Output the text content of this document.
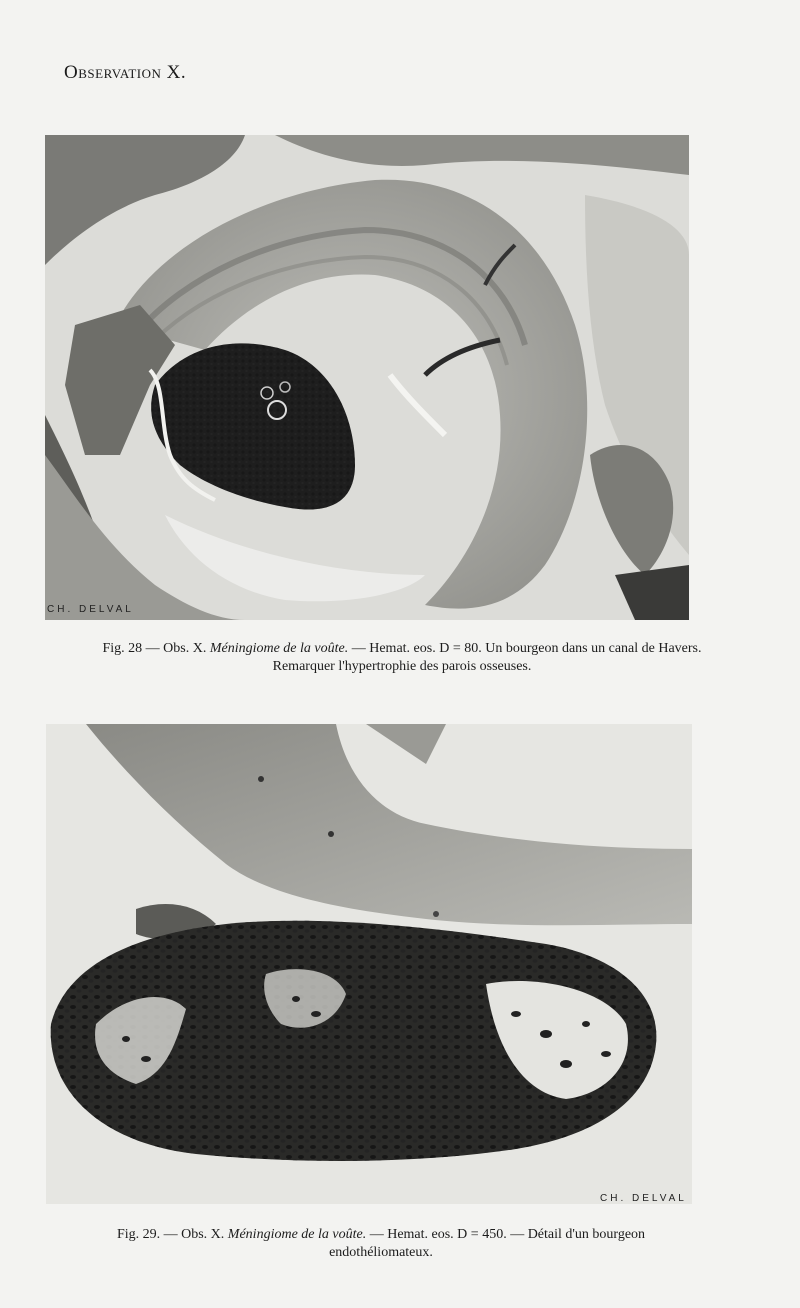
Observation X.
CH. DELVAL
Fig. 28 — Obs. X. Méningiome de la voûte. — Hemat. eos. D = 80. Un bourgeon dans un canal de Havers.
Remarquer l'hypertrophie des parois osseuses.
CH. DELVAL
Fig. 29. — Obs. X. Méningiome de la voûte. — Hemat. eos. D = 450. — Détail d'un bourgeon
endothéliomateux.
